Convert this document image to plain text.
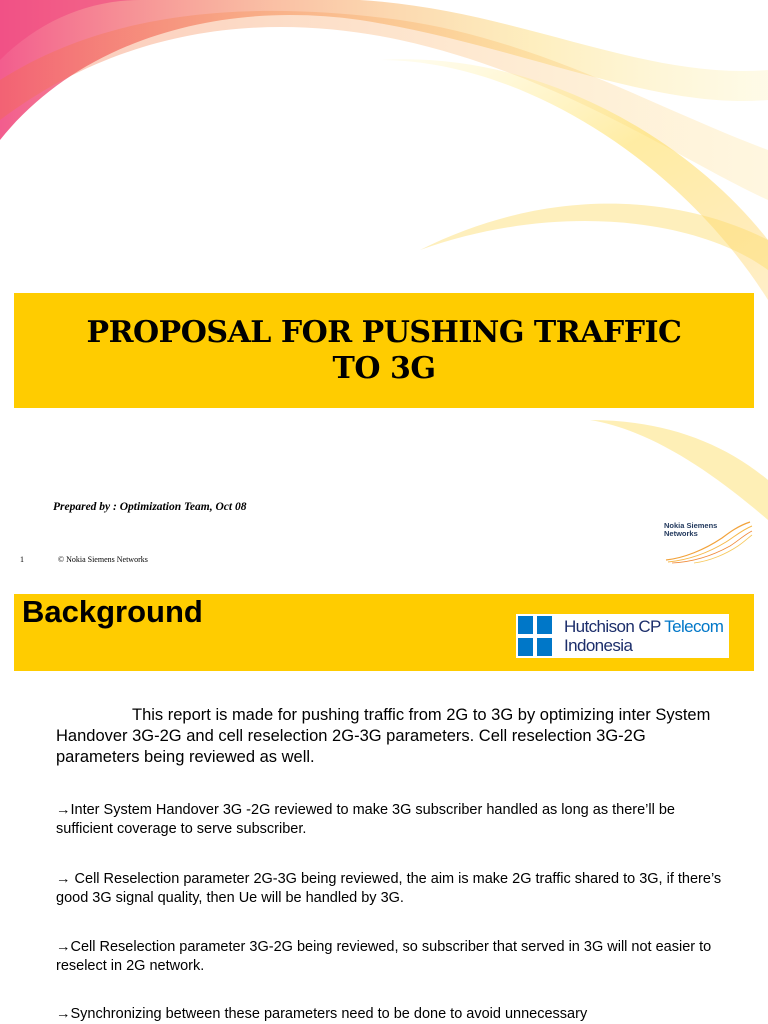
PROPOSAL FOR PUSHING TRAFFIC
TO 3G
Prepared by : Optimization Team, Oct 08
1	© Nokia Siemens Networks
Nokia Siemens
Networks
Background	Hutchison CP Telecom
Indonesia
This report is made for pushing traffic from 2G to 3G by optimizing inter System Handover 3G-2G and cell reselection 2G-3G parameters. Cell reselection 3G-2G parameters being reviewed as well.
→Inter System Handover 3G -2G reviewed to make 3G subscriber handled as long as there’ll be sufficient coverage to serve subscriber.
→ Cell Reselection parameter 2G-3G being reviewed, the aim is make 2G traffic shared to 3G, if there’s good 3G signal quality, then Ue will be handled by 3G.
→Cell Reselection parameter 3G-2G being reviewed, so subscriber that served in 3G will not easier to reselect in 2G network.
→Synchronizing between these parameters need to be done to avoid unnecessary
